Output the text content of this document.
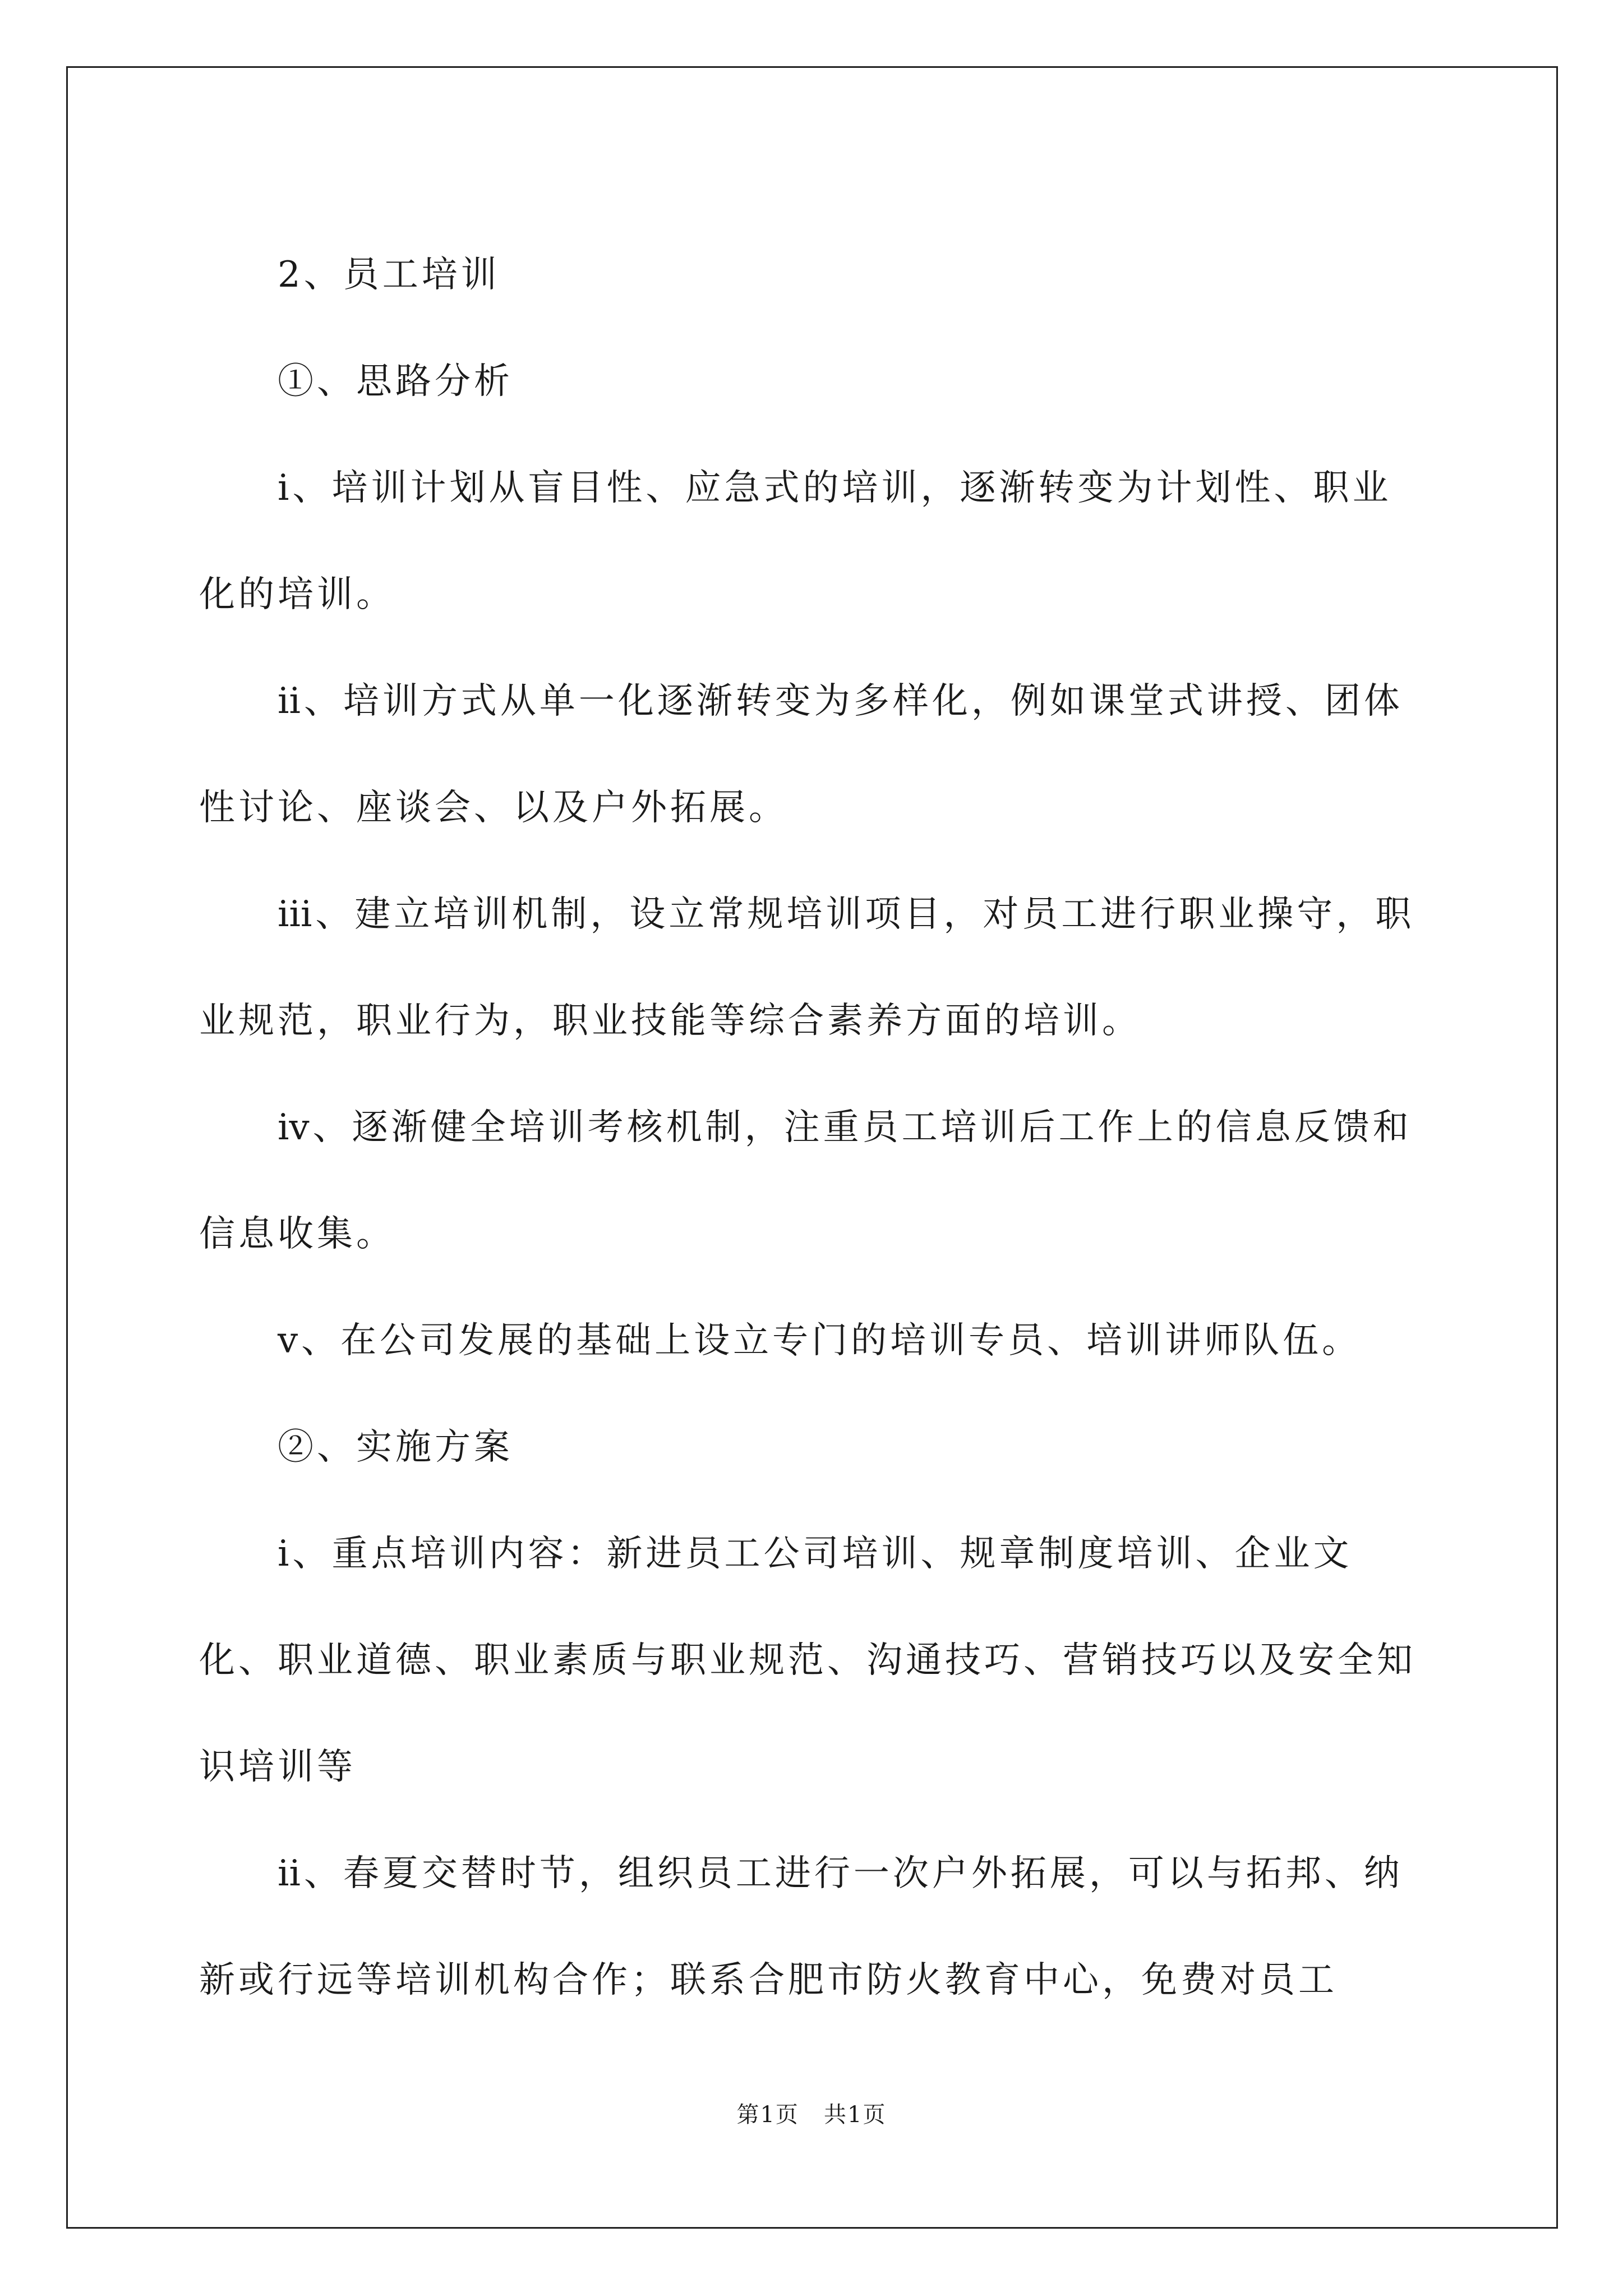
2、员工培训

①、思路分析

ⅰ、培训计划从盲目性、应急式的培训，逐渐转变为计划性、职业化的培训。

ⅱ、培训方式从单一化逐渐转变为多样化，例如课堂式讲授、团体性讨论、座谈会、以及户外拓展。

ⅲ、建立培训机制，设立常规培训项目，对员工进行职业操守，职业规范，职业行为，职业技能等综合素养方面的培训。

ⅳ、逐渐健全培训考核机制，注重员工培训后工作上的信息反馈和信息收集。

ⅴ、在公司发展的基础上设立专门的培训专员、培训讲师队伍。

②、实施方案

ⅰ、重点培训内容：新进员工公司培训、规章制度培训、企业文化、职业道德、职业素质与职业规范、沟通技巧、营销技巧以及安全知识培训等

ⅱ、春夏交替时节，组织员工进行一次户外拓展，可以与拓邦、纳新或行远等培训机构合作；联系合肥市防火教育中心，免费对员工

第1页   共1页
